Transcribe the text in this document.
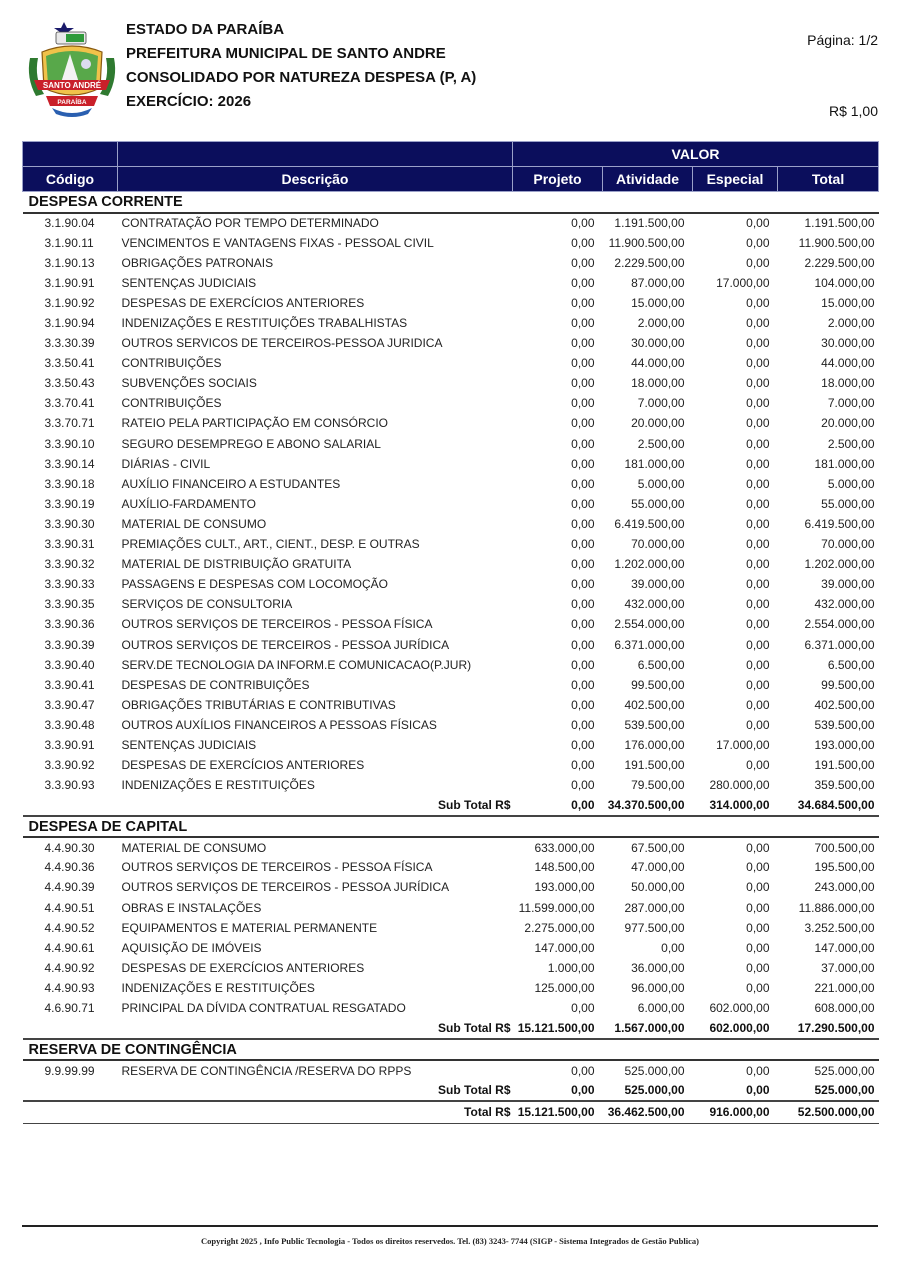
SANTO ANDRÉ
PARAÍBA
ESTADO DA PARAÍBA
PREFEITURA MUNICIPAL DE SANTO ANDRE
CONSOLIDADO POR NATUREZA DESPESA (P, A)
EXERCÍCIO: 2026
Página: 1/2
R$ 1,00
		VALOR			
Código	Descrição	Projeto	Atividade	Especial	Total
DESPESA CORRENTE					
3.1.90.04	CONTRATAÇÃO POR TEMPO DETERMINADO	0,00	1.191.500,00	0,00	1.191.500,00
3.1.90.11	VENCIMENTOS E VANTAGENS FIXAS - PESSOAL CIVIL	0,00	11.900.500,00	0,00	11.900.500,00
3.1.90.13	OBRIGAÇÕES PATRONAIS	0,00	2.229.500,00	0,00	2.229.500,00
3.1.90.91	SENTENÇAS JUDICIAIS	0,00	87.000,00	17.000,00	104.000,00
3.1.90.92	DESPESAS DE EXERCÍCIOS ANTERIORES	0,00	15.000,00	0,00	15.000,00
3.1.90.94	INDENIZAÇÕES E RESTITUIÇÕES TRABALHISTAS	0,00	2.000,00	0,00	2.000,00
3.3.30.39	OUTROS SERVICOS DE TERCEIROS-PESSOA JURIDICA	0,00	30.000,00	0,00	30.000,00
3.3.50.41	CONTRIBUIÇÕES	0,00	44.000,00	0,00	44.000,00
3.3.50.43	SUBVENÇÕES SOCIAIS	0,00	18.000,00	0,00	18.000,00
3.3.70.41	CONTRIBUIÇÕES	0,00	7.000,00	0,00	7.000,00
3.3.70.71	RATEIO PELA PARTICIPAÇÃO EM CONSÓRCIO	0,00	20.000,00	0,00	20.000,00
3.3.90.10	SEGURO DESEMPREGO E ABONO SALARIAL	0,00	2.500,00	0,00	2.500,00
3.3.90.14	DIÁRIAS - CIVIL	0,00	181.000,00	0,00	181.000,00
3.3.90.18	AUXÍLIO FINANCEIRO A ESTUDANTES	0,00	5.000,00	0,00	5.000,00
3.3.90.19	AUXÍLIO-FARDAMENTO	0,00	55.000,00	0,00	55.000,00
3.3.90.30	MATERIAL DE CONSUMO	0,00	6.419.500,00	0,00	6.419.500,00
3.3.90.31	PREMIAÇÕES CULT., ART., CIENT., DESP. E OUTRAS	0,00	70.000,00	0,00	70.000,00
3.3.90.32	MATERIAL DE DISTRIBUIÇÃO GRATUITA	0,00	1.202.000,00	0,00	1.202.000,00
3.3.90.33	PASSAGENS E DESPESAS COM LOCOMOÇÃO	0,00	39.000,00	0,00	39.000,00
3.3.90.35	SERVIÇOS DE CONSULTORIA	0,00	432.000,00	0,00	432.000,00
3.3.90.36	OUTROS SERVIÇOS DE TERCEIROS - PESSOA FÍSICA	0,00	2.554.000,00	0,00	2.554.000,00
3.3.90.39	OUTROS SERVIÇOS DE TERCEIROS - PESSOA JURÍDICA	0,00	6.371.000,00	0,00	6.371.000,00
3.3.90.40	SERV.DE TECNOLOGIA DA INFORM.E COMUNICACAO(P.JUR)	0,00	6.500,00	0,00	6.500,00
3.3.90.41	DESPESAS DE CONTRIBUIÇÕES	0,00	99.500,00	0,00	99.500,00
3.3.90.47	OBRIGAÇÕES TRIBUTÁRIAS E CONTRIBUTIVAS	0,00	402.500,00	0,00	402.500,00
3.3.90.48	OUTROS AUXÍLIOS FINANCEIROS A PESSOAS FÍSICAS	0,00	539.500,00	0,00	539.500,00
3.3.90.91	SENTENÇAS JUDICIAIS	0,00	176.000,00	17.000,00	193.000,00
3.3.90.92	DESPESAS DE EXERCÍCIOS ANTERIORES	0,00	191.500,00	0,00	191.500,00
3.3.90.93	INDENIZAÇÕES E RESTITUIÇÕES	0,00	79.500,00	280.000,00	359.500,00
	Sub Total R$	0,00	34.370.500,00	314.000,00	34.684.500,00
DESPESA DE CAPITAL					
4.4.90.30	MATERIAL DE CONSUMO	633.000,00	67.500,00	0,00	700.500,00
4.4.90.36	OUTROS SERVIÇOS DE TERCEIROS - PESSOA FÍSICA	148.500,00	47.000,00	0,00	195.500,00
4.4.90.39	OUTROS SERVIÇOS DE TERCEIROS - PESSOA JURÍDICA	193.000,00	50.000,00	0,00	243.000,00
4.4.90.51	OBRAS E INSTALAÇÕES	11.599.000,00	287.000,00	0,00	11.886.000,00
4.4.90.52	EQUIPAMENTOS E MATERIAL PERMANENTE	2.275.000,00	977.500,00	0,00	3.252.500,00
4.4.90.61	AQUISIÇÃO DE IMÓVEIS	147.000,00	0,00	0,00	147.000,00
4.4.90.92	DESPESAS DE EXERCÍCIOS ANTERIORES	1.000,00	36.000,00	0,00	37.000,00
4.4.90.93	INDENIZAÇÕES E RESTITUIÇÕES	125.000,00	96.000,00	0,00	221.000,00
4.6.90.71	PRINCIPAL DA DÍVIDA CONTRATUAL RESGATADO	0,00	6.000,00	602.000,00	608.000,00
	Sub Total R$	15.121.500,00	1.567.000,00	602.000,00	17.290.500,00
RESERVA DE CONTINGÊNCIA					
9.9.99.99	RESERVA DE CONTINGÊNCIA /RESERVA DO RPPS	0,00	525.000,00	0,00	525.000,00
	Sub Total R$	0,00	525.000,00	0,00	525.000,00
	Total R$	15.121.500,00	36.462.500,00	916.000,00	52.500.000,00
Copyright 2025 , Info Public Tecnologia - Todos os direitos reservedos. Tel. (83) 3243- 7744 (SIGP - Sistema Integrados de Gestão Publica)
